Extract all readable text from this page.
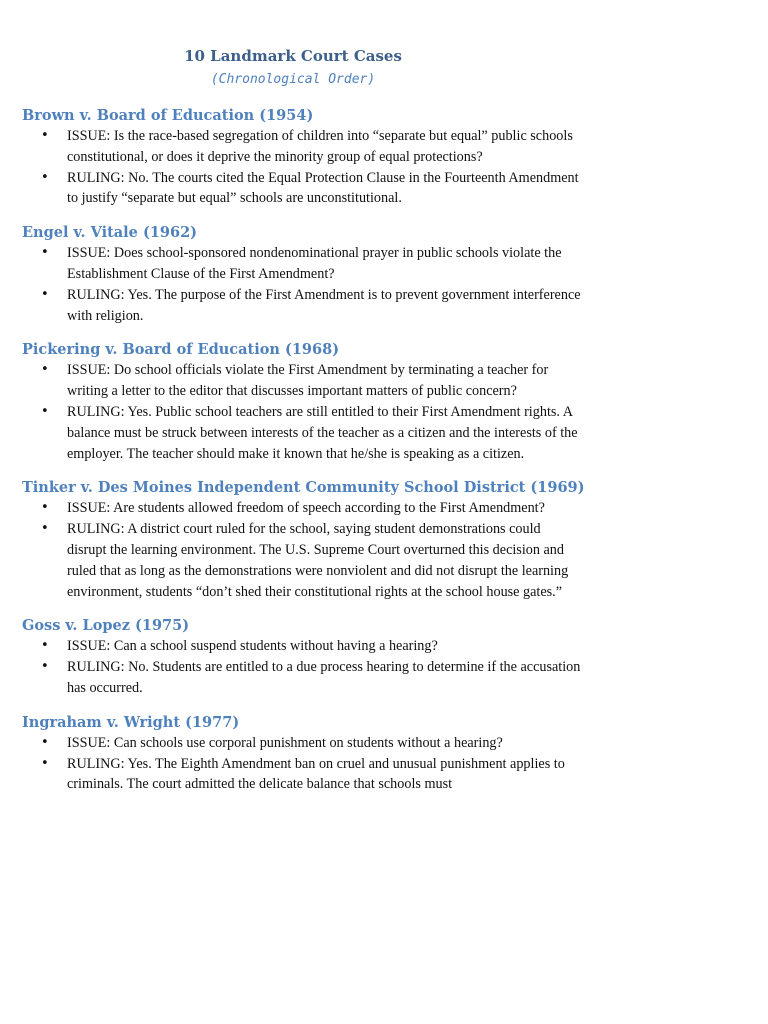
10 Landmark Court Cases
(Chronological Order)
Brown v. Board of Education (1954)
• ISSUE: Is the race-based segregation of children into “separate but equal” public schools constitutional, or does it deprive the minority group of equal protections?
• RULING: No. The courts cited the Equal Protection Clause in the Fourteenth Amendment to justify “separate but equal” schools are unconstitutional.
Engel v. Vitale (1962)
• ISSUE: Does school-sponsored nondenominational prayer in public schools violate the Establishment Clause of the First Amendment?
• RULING: Yes. The purpose of the First Amendment is to prevent government interference with religion.
Pickering v. Board of Education (1968)
• ISSUE: Do school officials violate the First Amendment by terminating a teacher for writing a letter to the editor that discusses important matters of public concern?
• RULING: Yes. Public school teachers are still entitled to their First Amendment rights. A balance must be struck between interests of the teacher as a citizen and the interests of the employer. The teacher should make it known that he/she is speaking as a citizen.
Tinker v. Des Moines Independent Community School District (1969)
• ISSUE: Are students allowed freedom of speech according to the First Amendment?
• RULING: A district court ruled for the school, saying student demonstrations could disrupt the learning environment. The U.S. Supreme Court overturned this decision and ruled that as long as the demonstrations were nonviolent and did not disrupt the learning environment, students “don’t shed their constitutional rights at the school house gates.”
Goss v. Lopez (1975)
• ISSUE: Can a school suspend students without having a hearing?
• RULING: No. Students are entitled to a due process hearing to determine if the accusation has occurred.
Ingraham v. Wright (1977)
• ISSUE: Can schools use corporal punishment on students without a hearing?
• RULING: Yes. The Eighth Amendment ban on cruel and unusual punishment applies to criminals. The court admitted the delicate balance that schools must
